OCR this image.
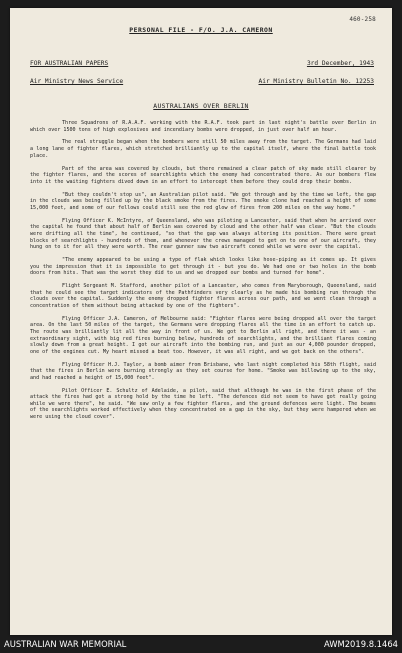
460-258
PERSONAL FILE - F/O. J.A. CAMERON
FOR AUSTRALIAN PAPERS	3rd December, 1943
Air Ministry News Service	Air Ministry Bulletin No. 12253
AUSTRALIANS OVER BERLIN

Three Squadrons of R.A.A.F. working with the R.A.F. took part in last night's battle over Berlin in which over 1500 tons of high explosives and incendiary bombs were dropped, in just over half an hour.

The real struggle began when the bombers were still 50 miles away from the target. The Germans had laid a long lane of fighter flares, which stretched brilliantly up to the capital itself, where the final battle took place.

Part of the area was covered by clouds, but there remained a clear patch of sky made still clearer by the fighter flares, and the scores of searchlights which the enemy had concentrated there. As our bombers flew into it the waiting fighters dived down in an effort to intercept them before they could drop their bombs.

"But they couldn't stop us", an Australian pilot said. "We got through and by the time we left, the gap in the clouds was being filled up by the black smoke from the fires. The smoke clone had reached a height of some 15,000 feet, and some of our fellows could still see the red glow of fires from 200 miles on the way home."

Flying Officer K. McIntyre, of Queensland, who was piloting a Lancaster, said that when he arrived over the capital he found that about half of Berlin was covered by cloud and the other half was clear. "But the clouds were drifting all the time", he continued, "so that the gap was always altering its position. There were great blocks of searchlights - hundreds of them, and whenever the crews managed to get on to one of our aircraft, they hung on to it for all they were worth. The rear gunner saw two aircraft coned while we were over the capital.

"The enemy appeared to be using a type of flak which looks like hose-piping as it comes up. It gives you the impression that it is impossible to get through it - but you do. We had one or two holes in the bomb doors from hits. That was the worst they did to us and we dropped our bombs and turned for home".

Flight Sergeant M. Stafford, another pilot of a Lancaster, who comes from Maryborough, Queensland, said that he could see the target indicators of the Pathfinders very clearly as he made his bombing run through the clouds over the capital. Suddenly the enemy dropped fighter flares across our path, and we went clean through a concentration of them without being attacked by one of the fighters".

Flying Officer J.A. Cameron, of Melbourne said: "Fighter flares were being dropped all over the target area. On the last 50 miles of the target, the Germans were dropping flares all the time in an effort to catch up. The route was brilliantly lit all the way in front of us. We got to Berlin all right, and there it was - an extraordinary sight, with big red fires burning below, hundreds of searchlights, and the brilliant flares coming slowly down from a great height. I got our aircraft into the bombing run, and just as our 4,000 pounder dropped, one of the engines cut. My heart missed a beat too. However, it was all right, and we got back on the others".

Flying Officer H.J. Taylor, a bomb aimer from Brisbane, who last night completed his 58th flight, said that the fires in Berlin were burning strongly as they set course for home. "Smoke was billowing up to the sky, and had reached a height of 15,000 feet".

Pilot Officer E. Schultz of Adelaide, a pilot, said that although he was in the first phase of the attack the fires had got a strong hold by the time he left. "The defences did not seem to have got really going while we were there", he said. "We saw only a few fighter flares, and the ground defences were light. The beams of the searchlights worked effectively when they concentrated on a gap in the sky, but they were hampered when we were using the cloud cover".

AUSTRALIAN WAR MEMORIAL	AWM2019.8.1464
